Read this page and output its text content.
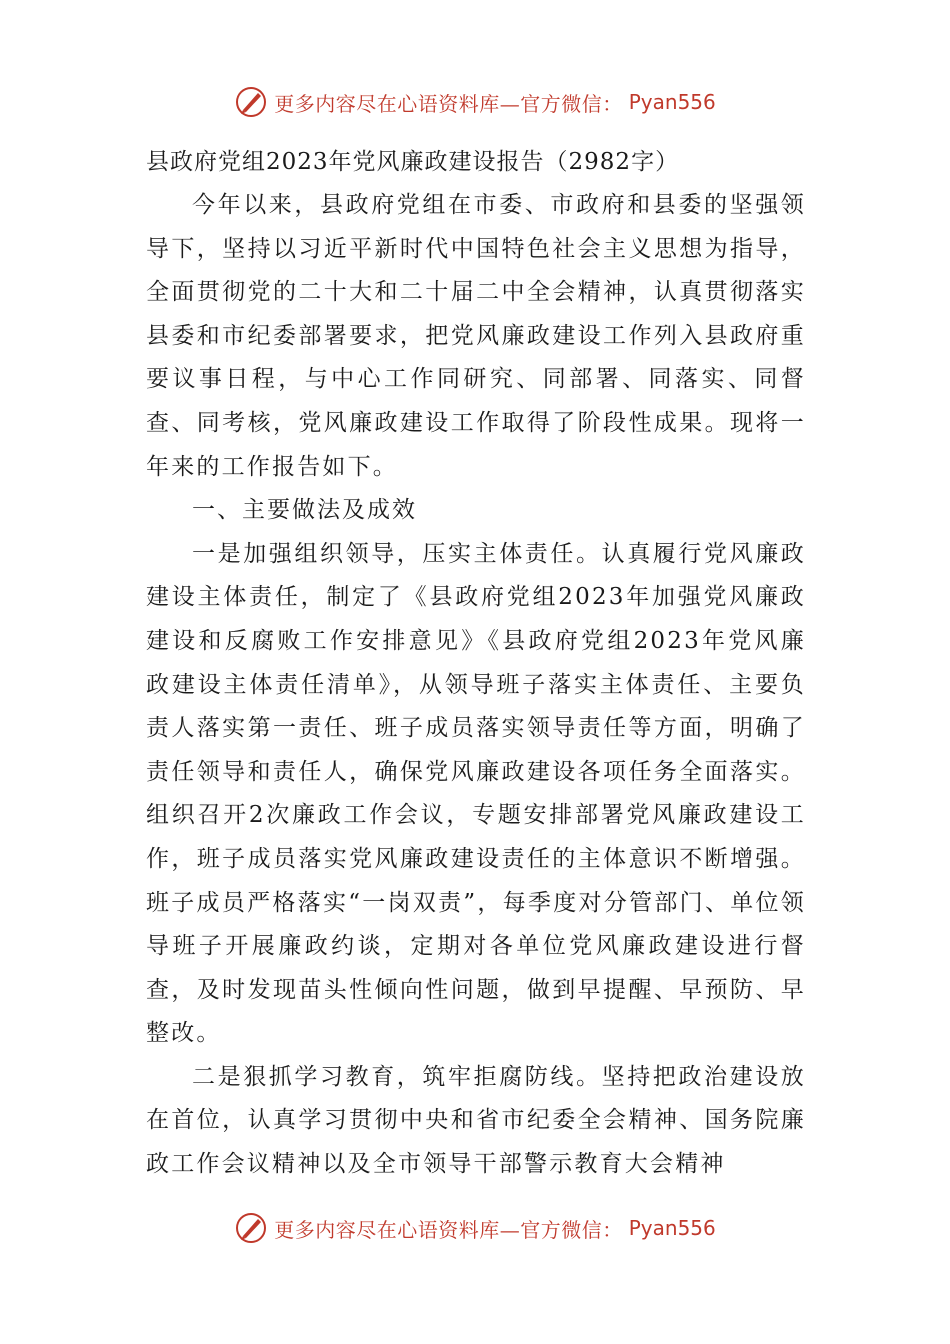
更多内容尽在心语资料库—官方微信： Pyan556

县政府党组2023年党风廉政建设报告（2982字）

今年以来，县政府党组在市委、市政府和县委的坚强领导下，坚持以习近平新时代中国特色社会主义思想为指导，全面贯彻党的二十大和二十届二中全会精神，认真贯彻落实县委和市纪委部署要求，把党风廉政建设工作列入县政府重要议事日程，与中心工作同研究、同部署、同落实、同督查、同考核，党风廉政建设工作取得了阶段性成果。现将一年来的工作报告如下。

一、主要做法及成效

一是加强组织领导，压实主体责任。认真履行党风廉政建设主体责任，制定了《县政府党组2023年加强党风廉政建设和反腐败工作安排意见》《县政府党组2023年党风廉政建设主体责任清单》，从领导班子落实主体责任、主要负责人落实第一责任、班子成员落实领导责任等方面，明确了责任领导和责任人，确保党风廉政建设各项任务全面落实。组织召开2次廉政工作会议，专题安排部署党风廉政建设工作，班子成员落实党风廉政建设责任的主体意识不断增强。班子成员严格落实“一岗双责”，每季度对分管部门、单位领导班子开展廉政约谈，定期对各单位党风廉政建设进行督查，及时发现苗头性倾向性问题，做到早提醒、早预防、早整改。

二是狠抓学习教育，筑牢拒腐防线。坚持把政治建设放在首位，认真学习贯彻中央和省市纪委全会精神、国务院廉政工作会议精神以及全市领导干部警示教育大会精神

更多内容尽在心语资料库—官方微信： Pyan556
